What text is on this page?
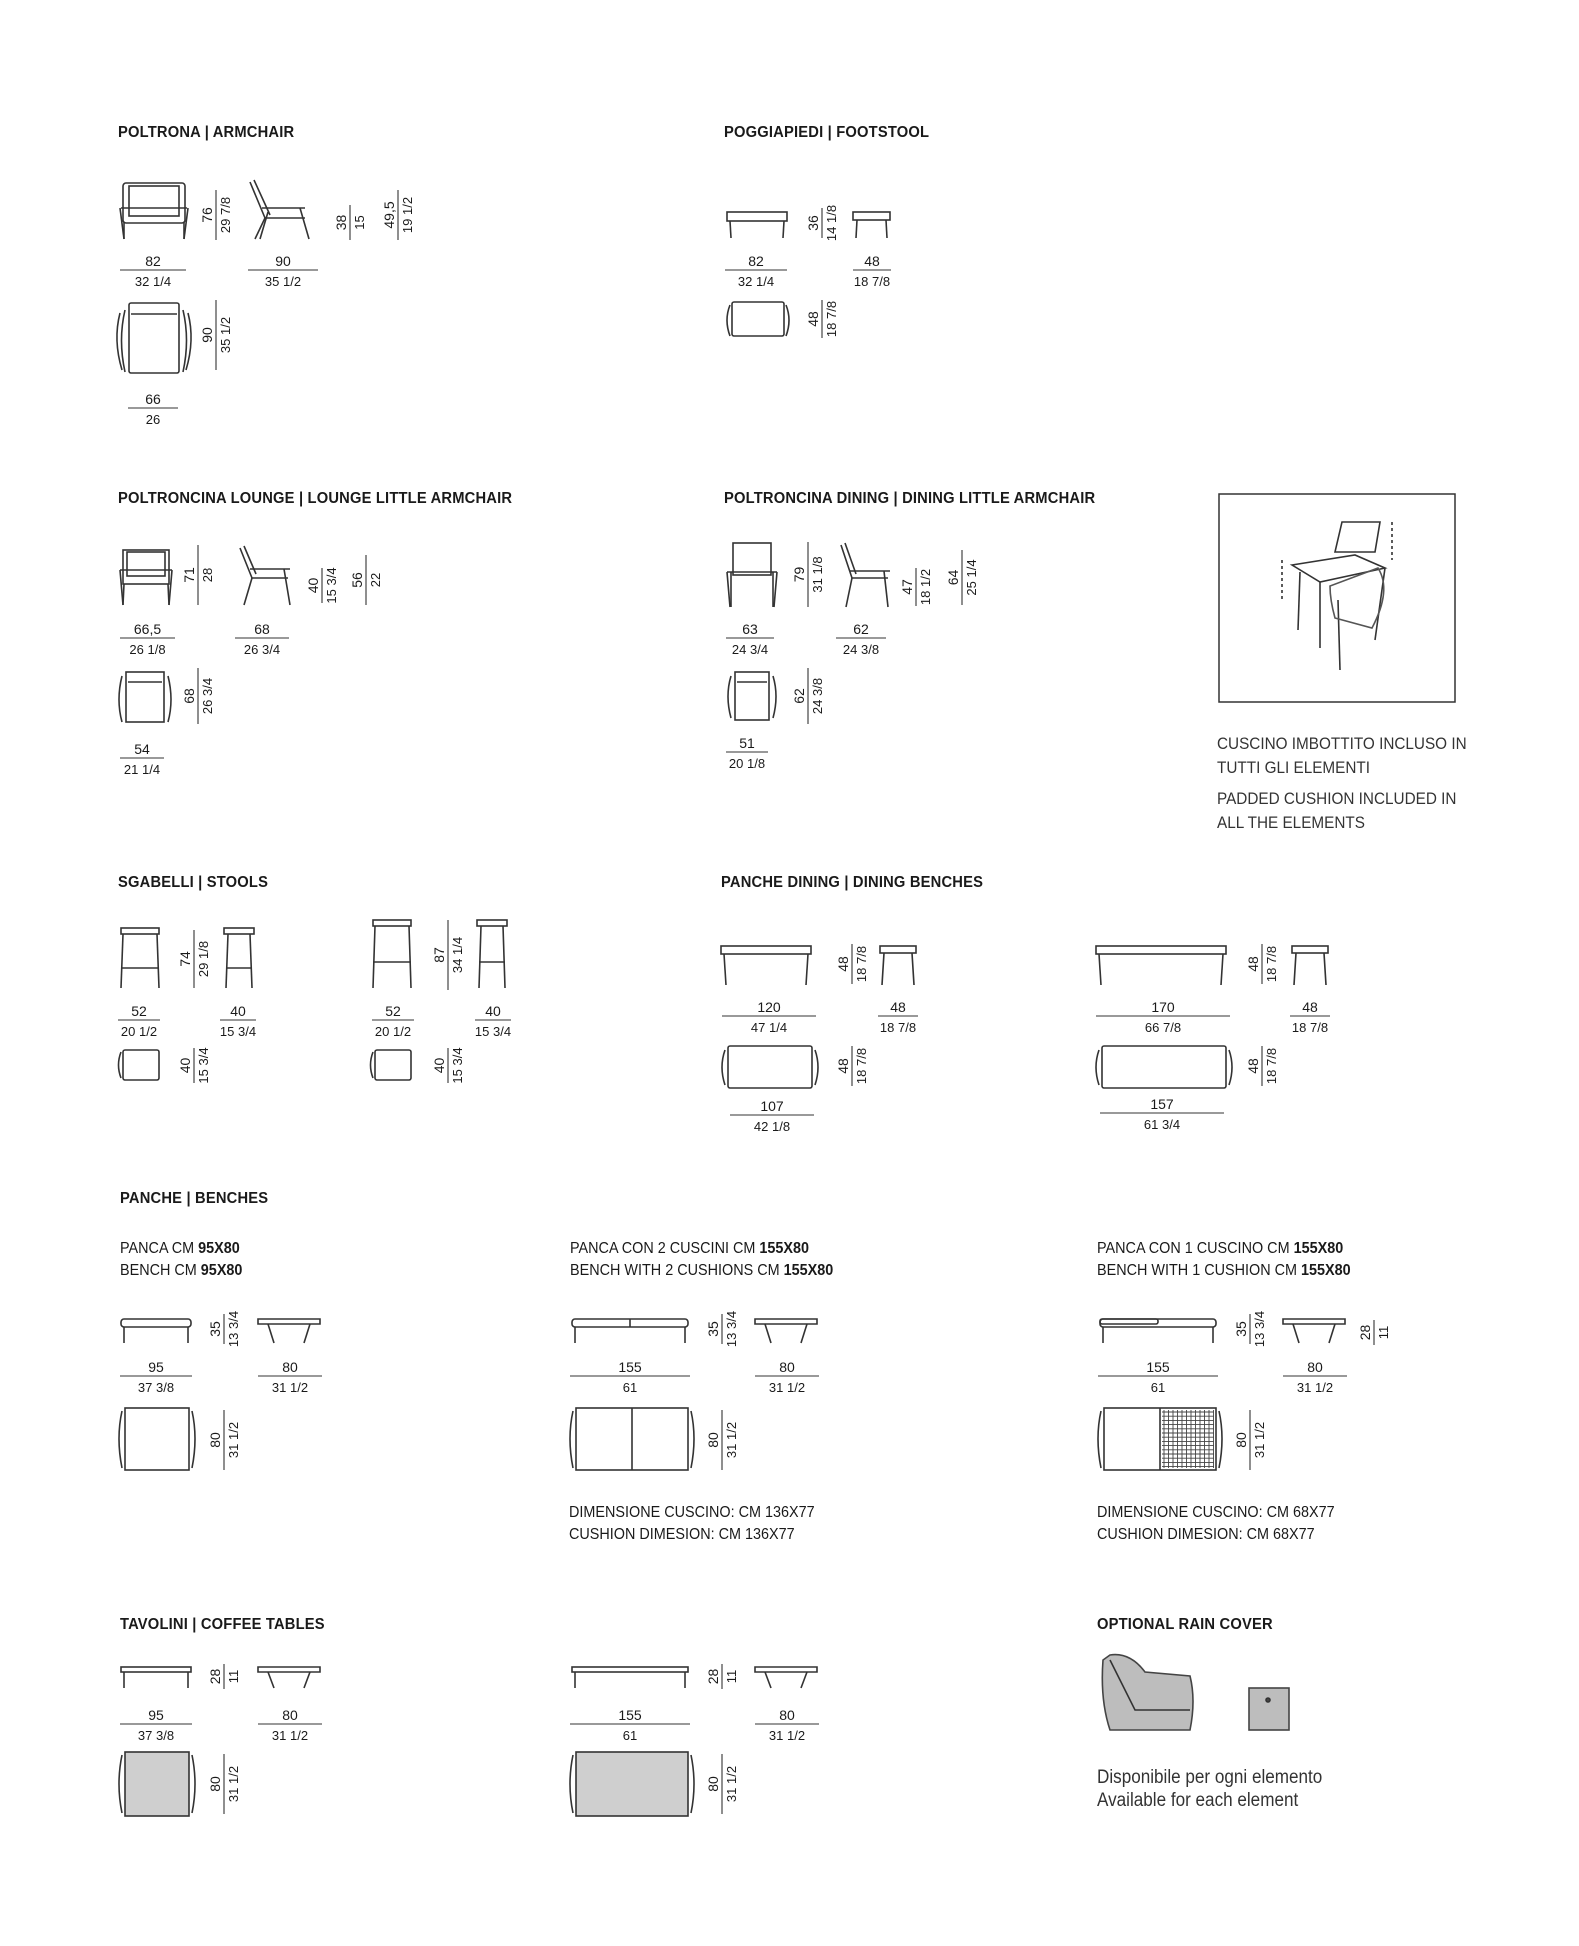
POLTRONA | ARMCHAIR	POGGIAPIEDI | FOOTSTOOL
POLTRONCINA LOUNGE | LOUNGE LITTLE ARMCHAIR	POLTRONCINA DINING | DINING LITTLE ARMCHAIR
SGABELLI | STOOLS	PANCHE DINING | DINING BENCHES
PANCHE | BENCHES
TAVOLINI | COFFEE TABLES	OPTIONAL RAIN COVER
CUSCINO IMBOTTITO INCLUSO IN
TUTTI GLI ELEMENTI
PADDED CUSHION INCLUDED IN
ALL THE ELEMENTS
PANCA CM 95X80
BENCH CM 95X80
PANCA CON 2 CUSCINI CM 155X80
BENCH WITH 2 CUSHIONS CM 155X80
PANCA CON 1 CUSCINO CM 155X80
BENCH WITH 1 CUSHION CM 155X80
DIMENSIONE CUSCINO: CM 136X77
CUSHION DIMESION: CM 136X77
DIMENSIONE CUSCINO: CM 68X77
CUSHION DIMESION: CM 68X77
Disponibile per ogni elemento
Available for each element
82
32 1/4
76 29 7/8
90
35 1/2
38 15 49,5 19 1/2
90 35 1/2
66
26
82
32 1/4
36 14 1/8
48
18 7/8
48 18 7/8
66,5
26 1/8
71 28
68
26 3/4
40 15 3/4 56 22
68 26 3/4
54
21 1/4
63
24 3/4
79 31 1/8
62
24 3/8
47 18 1/2 64 25 1/4
62 24 3/8
51
20 1/8
52
20 1/2
74 29 1/8
40
15 3/4
40 15 3/4
52
20 1/2
87 34 1/4
40
15 3/4
40 15 3/4
120
47 1/4
48 18 7/8
48
18 7/8
48 18 7/8
107
42 1/8
170
66 7/8
48 18 7/8
48
18 7/8
48 18 7/8
157
61 3/4
95
37 3/8
35 13 3/4
80
31 1/2
80 31 1/2
155
61
35 13 3/4
80
31 1/2
80 31 1/2
155
61
35 13 3/4
80
31 1/2
28 11
80 31 1/2
95
37 3/8
28 11
80
31 1/2
80 31 1/2
155
61
28 11
80
31 1/2
80 31 1/2
